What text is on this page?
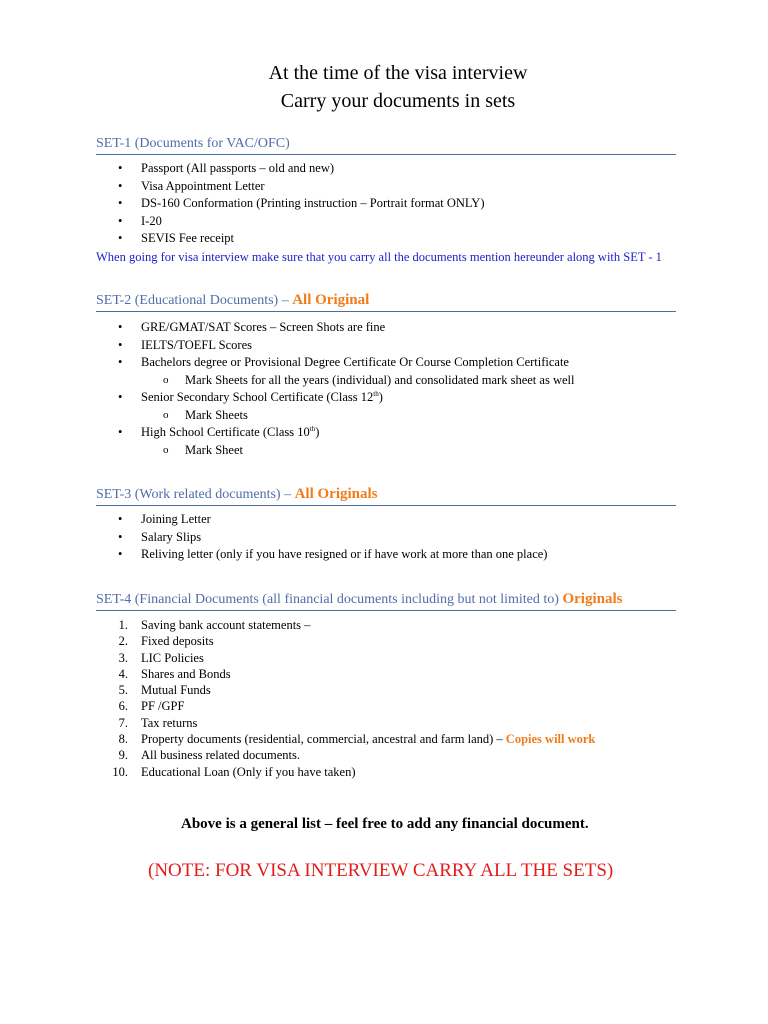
At the time of the visa interview
Carry your documents in sets
SET-1 (Documents for VAC/OFC)
• Passport (All passports – old and new)
• Visa Appointment Letter
• DS-160 Conformation (Printing instruction – Portrait format ONLY)
• I-20
• SEVIS Fee receipt
When going for visa interview make sure that you carry all the documents mention hereunder along with SET - 1
SET-2 (Educational Documents) – All Original
• GRE/GMAT/SAT Scores – Screen Shots are fine
• IELTS/TOEFL Scores
• Bachelors degree or Provisional Degree Certificate Or Course Completion Certificate
o Mark Sheets for all the years (individual) and consolidated mark sheet as well
• Senior Secondary School Certificate (Class 12th)
o Mark Sheets
• High School Certificate (Class 10th)
o Mark Sheet
SET-3 (Work related documents) – All Originals
• Joining Letter
• Salary Slips
• Reliving letter (only if you have resigned or if have work at more than one place)
SET-4 (Financial Documents (all financial documents including but not limited to) Originals
1. Saving bank account statements –
2. Fixed deposits
3. LIC Policies
4. Shares and Bonds
5. Mutual Funds
6. PF /GPF
7. Tax returns
8. Property documents (residential, commercial, ancestral and farm land) – Copies will work
9. All business related documents.
10. Educational Loan (Only if you have taken)
Above is a general list – feel free to add any financial document.
(NOTE: FOR VISA INTERVIEW CARRY ALL THE SETS)
